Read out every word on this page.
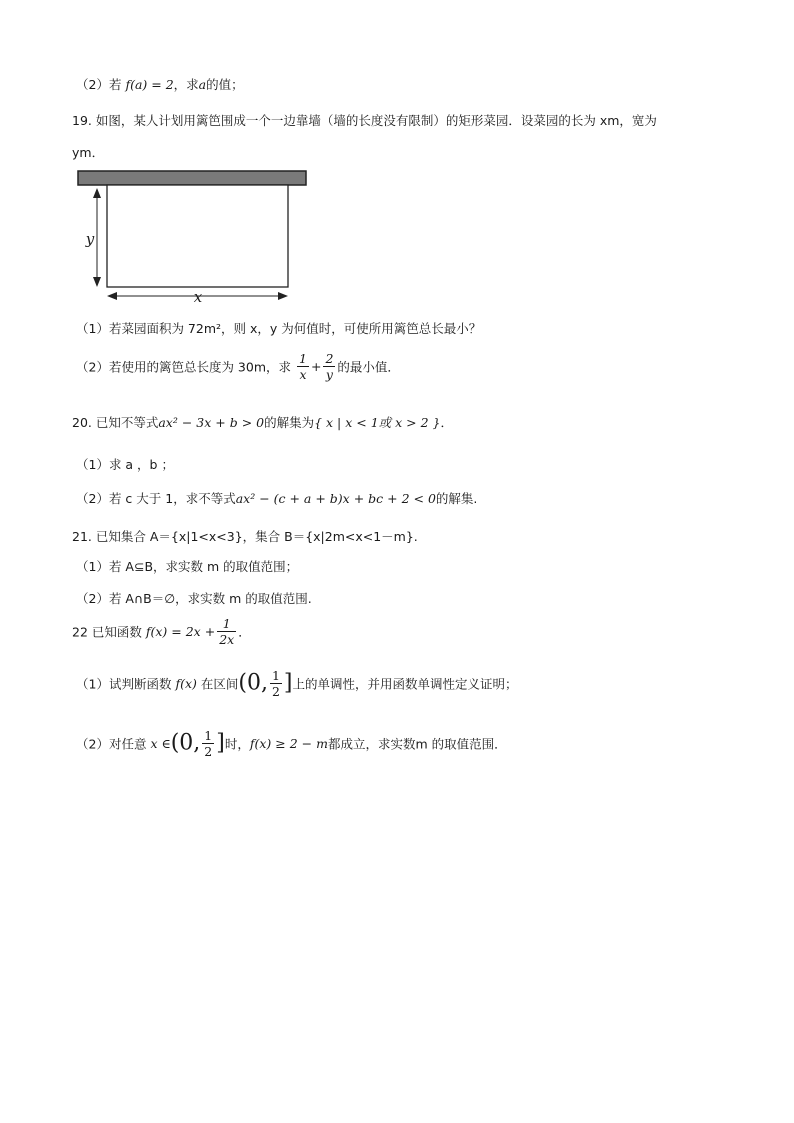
（2）若 f(a) = 2，求a的值；
19. 如图，某人计划用篱笆围成一个一边靠墙（墙的长度没有限制）的矩形菜园．设菜园的长为 xm，宽为
ym．
y
x
（1）若菜园面积为 72m²，则 x，y 为何值时，可使所用篱笆总长最小？
（2）若使用的篱笆总长度为 30m，求 $\frac{1}{x} + \frac{2}{y}$ 的最小值．
20. 已知不等式ax² − 3x + b > 0的解集为{ x | x < 1或 x > 2 }．
（1）求 a ，b ；
（2）若 c 大于 1，求不等式ax² − (c + a + b)x + bc + 2 < 0的解集.
21. 已知集合 A＝{x|1<x<3}，集合 B＝{x|2m<x<1－m}.
（1）若 A⊆B，求实数 m 的取值范围；
（2）若 A∩B＝∅，求实数 m 的取值范围.
22 已知函数 $f(x) = 2x + \frac{1}{2x}$ ．
（1）试判断函数 f(x) 在区间(0, $\frac{1}{2}$ ]上的单调性，并用函数单调性定义证明；
（2）对任意 x ∈(0, $\frac{1}{2}$ ]时，f(x) ≥ 2 − m都成立，求实数m 的取值范围．
